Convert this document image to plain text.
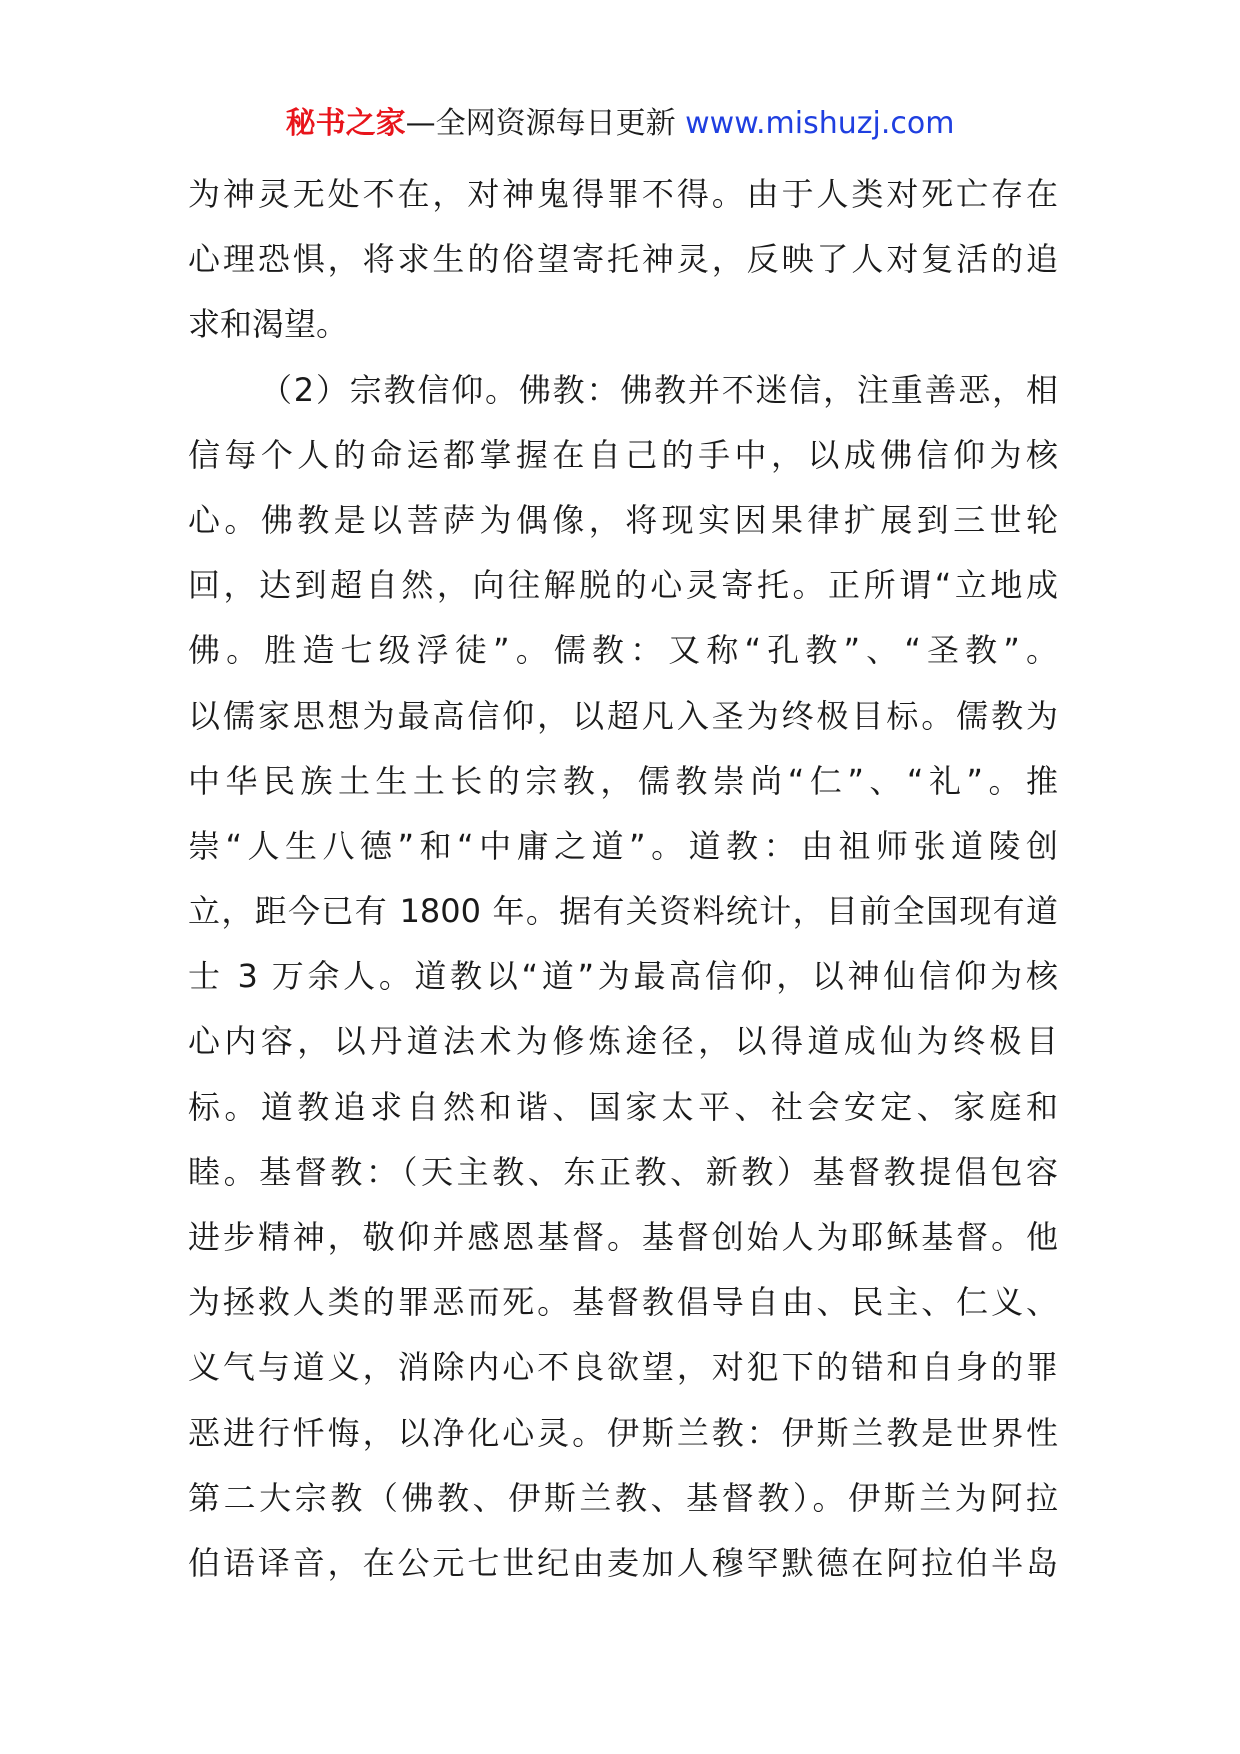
秘书之家—全网资源每日更新 www.mishuzj.com
为神灵无处不在，对神鬼得罪不得。由于人类对死亡存在
心理恐惧，将求生的俗望寄托神灵，反映了人对复活的追
求和渴望。
（2）宗教信仰。佛教：佛教并不迷信，注重善恶，相
信每个人的命运都掌握在自己的手中，以成佛信仰为核
心。佛教是以菩萨为偶像，将现实因果律扩展到三世轮
回，达到超自然，向往解脱的心灵寄托。正所谓“立地成
佛。胜造七级浮徒”。儒教：又称“孔教”、“圣教”。
以儒家思想为最高信仰，以超凡入圣为终极目标。儒教为
中华民族土生土长的宗教，儒教崇尚“仁”、“礼”。推
崇“人生八德”和“中庸之道”。道教：由祖师张道陵创
立，距今已有 1800 年。据有关资料统计，目前全国现有道
士 3 万余人。道教以“道”为最高信仰，以神仙信仰为核
心内容，以丹道法术为修炼途径，以得道成仙为终极目
标。道教追求自然和谐、国家太平、社会安定、家庭和
睦。基督教：（天主教、东正教、新教）基督教提倡包容
进步精神，敬仰并感恩基督。基督创始人为耶稣基督。他
为拯救人类的罪恶而死。基督教倡导自由、民主、仁义、
义气与道义，消除内心不良欲望，对犯下的错和自身的罪
恶进行忏悔，以净化心灵。伊斯兰教：伊斯兰教是世界性
第二大宗教（佛教、伊斯兰教、基督教）。伊斯兰为阿拉
伯语译音，在公元七世纪由麦加人穆罕默德在阿拉伯半岛
